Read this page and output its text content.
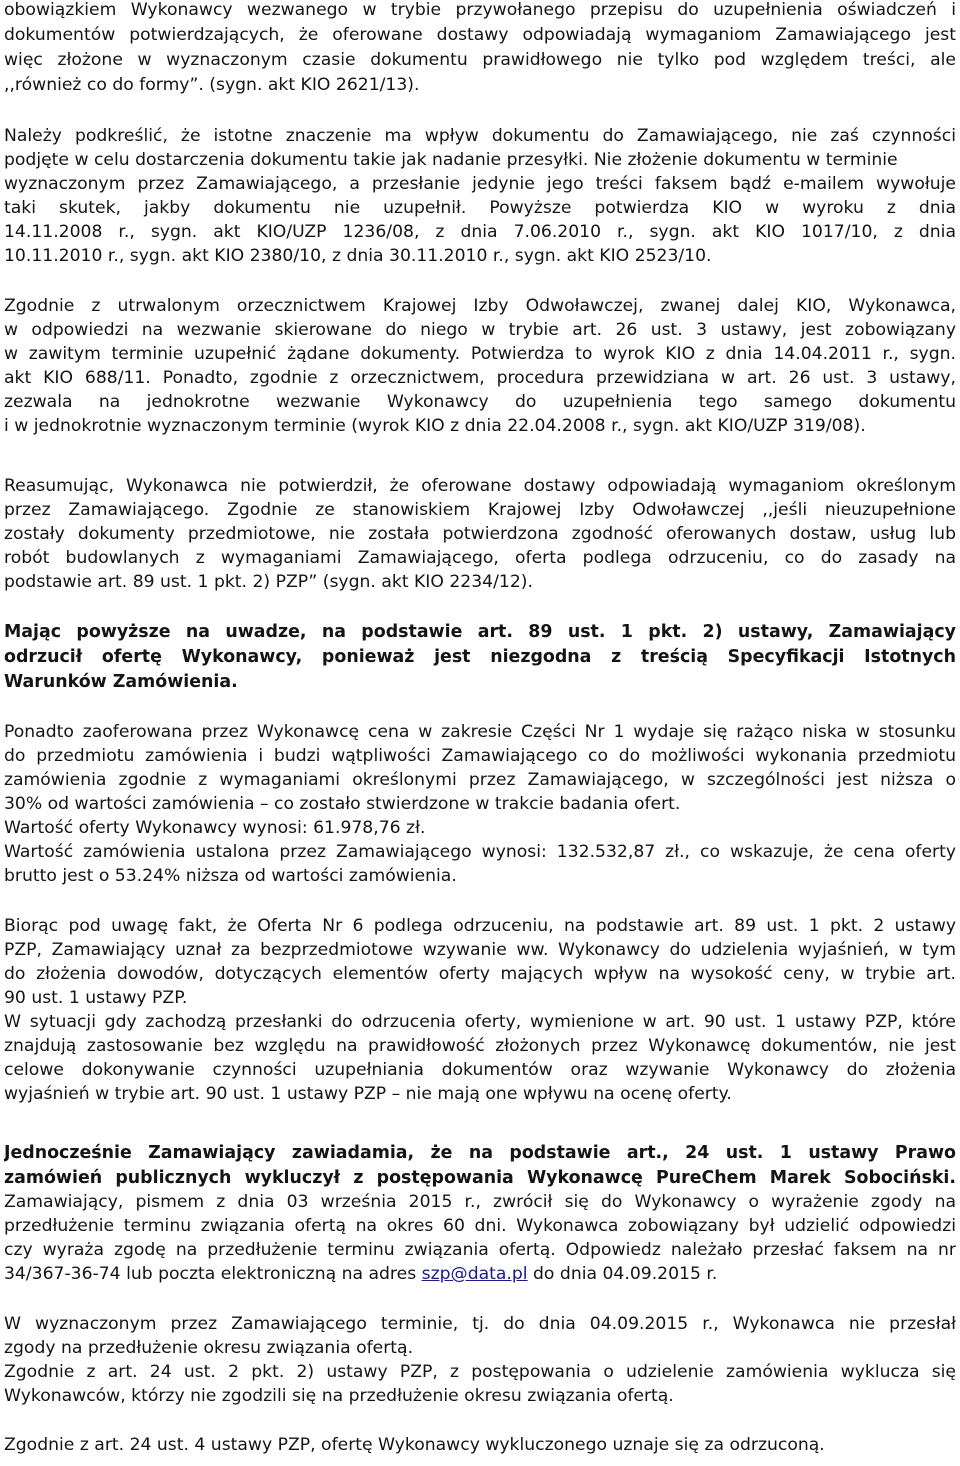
obowiązkiem Wykonawcy wezwanego w trybie przywołanego przepisu do uzupełnienia oświadczeń i

dokumentów potwierdzających, że oferowane dostawy odpowiadają wymaganiom Zamawiającego jest

więc złożone w wyznaczonym czasie dokumentu prawidłowego nie tylko pod względem treści, ale

,,również co do formy”. (sygn. akt KIO 2621/13).

Należy podkreślić, że istotne znaczenie ma wpływ dokumentu do Zamawiającego, nie zaś czynności

podjęte w celu dostarczenia dokumentu takie jak nadanie przesyłki. Nie złożenie dokumentu w terminie

wyznaczonym przez Zamawiającego, a przesłanie jedynie jego treści faksem bądź e-mailem wywołuje

taki skutek, jakby dokumentu nie uzupełnił. Powyższe potwierdza KIO w wyroku z dnia

14.11.2008 r., sygn. akt KIO/UZP 1236/08, z dnia 7.06.2010 r., sygn. akt KIO 1017/10, z dnia

10.11.2010 r., sygn. akt KIO 2380/10, z dnia 30.11.2010 r., sygn. akt KIO 2523/10.

Zgodnie z utrwalonym orzecznictwem Krajowej Izby Odwoławczej, zwanej dalej KIO, Wykonawca,

w odpowiedzi na wezwanie skierowane do niego w trybie art. 26 ust. 3 ustawy, jest zobowiązany

w zawitym terminie uzupełnić żądane dokumenty. Potwierdza to wyrok KIO z dnia 14.04.2011 r., sygn.

akt KIO 688/11. Ponadto, zgodnie z orzecznictwem, procedura przewidziana w art. 26 ust. 3 ustawy,

zezwala na jednokrotne wezwanie Wykonawcy do uzupełnienia tego samego dokumentu

i w jednokrotnie wyznaczonym terminie (wyrok KIO z dnia 22.04.2008 r., sygn. akt KIO/UZP 319/08).

Reasumując, Wykonawca nie potwierdził, że oferowane dostawy odpowiadają wymaganiom określonym

przez Zamawiającego. Zgodnie ze stanowiskiem Krajowej Izby Odwoławczej ,,jeśli nieuzupełnione

zostały dokumenty przedmiotowe, nie została potwierdzona zgodność oferowanych dostaw, usług lub

robót budowlanych z wymaganiami Zamawiającego, oferta podlega odrzuceniu, co do zasady na

podstawie art. 89 ust. 1 pkt. 2) PZP” (sygn. akt KIO 2234/12).

Mając powyższe na uwadze, na podstawie art. 89 ust. 1 pkt. 2) ustawy, Zamawiający

odrzucił ofertę Wykonawcy, ponieważ jest niezgodna z treścią Specyfikacji Istotnych

Warunków Zamówienia.

Ponadto zaoferowana przez Wykonawcę cena w zakresie Części Nr 1 wydaje się rażąco niska w stosunku

do przedmiotu zamówienia i budzi wątpliwości Zamawiającego co do możliwości wykonania przedmiotu

zamówienia zgodnie z wymaganiami określonymi przez Zamawiającego, w szczególności jest niższa o

30% od wartości zamówienia – co zostało stwierdzone w trakcie badania ofert.

Wartość oferty Wykonawcy wynosi: 61.978,76 zł.

Wartość zamówienia ustalona przez Zamawiającego wynosi: 132.532,87 zł., co wskazuje, że cena oferty

brutto jest o 53.24% niższa od wartości zamówienia.

Biorąc pod uwagę fakt, że Oferta Nr 6 podlega odrzuceniu, na podstawie art. 89 ust. 1 pkt. 2 ustawy

PZP, Zamawiający uznał za bezprzedmiotowe wzywanie ww. Wykonawcy do udzielenia wyjaśnień, w tym

do złożenia dowodów, dotyczących elementów oferty mających wpływ na wysokość ceny, w trybie art.

90 ust. 1 ustawy PZP.

W sytuacji gdy zachodzą przesłanki do odrzucenia oferty, wymienione w art. 90 ust. 1 ustawy PZP, które

znajdują zastosowanie bez względu na prawidłowość złożonych przez Wykonawcę dokumentów, nie jest

celowe dokonywanie czynności uzupełniania dokumentów oraz wzywanie Wykonawcy do złożenia

wyjaśnień w trybie art. 90 ust. 1 ustawy PZP – nie mają one wpływu na ocenę oferty.

Jednocześnie Zamawiający zawiadamia, że na podstawie art., 24 ust. 1 ustawy Prawo

zamówień publicznych wykluczył z postępowania Wykonawcę PureChem Marek Sobociński.

Zamawiający, pismem z dnia 03 września 2015 r., zwrócił się do Wykonawcy o wyrażenie zgody na

przedłużenie terminu związania ofertą na okres 60 dni. Wykonawca zobowiązany był udzielić odpowiedzi

czy wyraża zgodę na przedłużenie terminu związania ofertą. Odpowiedz należało przesłać faksem na nr

34/367-36-74 lub poczta elektroniczną na adres szp@data.pl do dnia 04.09.2015 r.

W wyznaczonym przez Zamawiającego terminie, tj. do dnia 04.09.2015 r., Wykonawca nie przesłał

zgody na przedłużenie okresu związania ofertą.

Zgodnie z art. 24 ust. 2 pkt. 2) ustawy PZP, z postępowania o udzielenie zamówienia wyklucza się

Wykonawców, którzy nie zgodzili się na przedłużenie okresu związania ofertą.

Zgodnie z art. 24 ust. 4 ustawy PZP, ofertę Wykonawcy wykluczonego uznaje się za odrzuconą.
